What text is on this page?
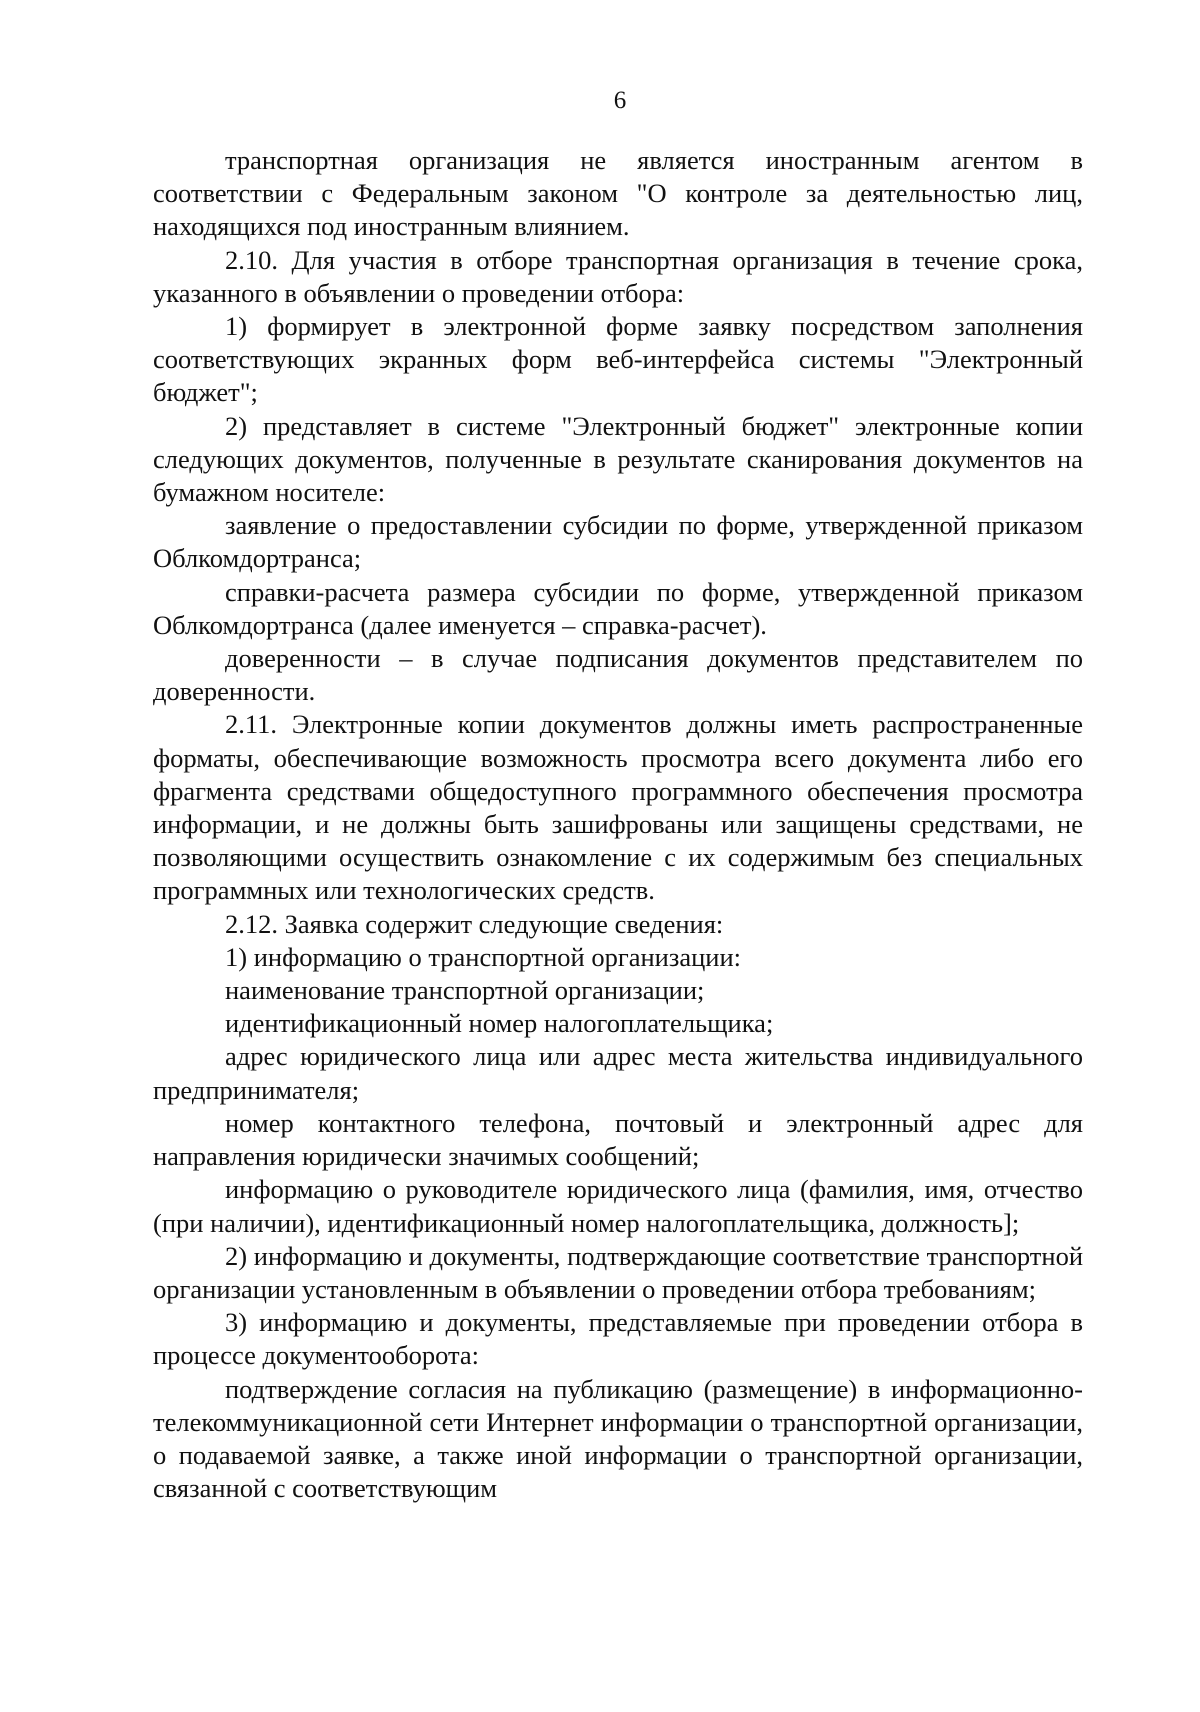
6

транспортная организация не является иностранным агентом в соответствии с Федеральным законом "О контроле за деятельностью лиц, находящихся под иностранным влиянием.

2.10. Для участия в отборе транспортная организация в течение срока, указанного в объявлении о проведении отбора:

1) формирует в электронной форме заявку посредством заполнения соответствующих экранных форм веб-интерфейса системы "Электронный бюджет";

2) представляет в системе "Электронный бюджет" электронные копии следующих документов, полученные в результате сканирования документов на бумажном носителе:

заявление о предоставлении субсидии по форме, утвержденной приказом Облкомдортранса;

справки-расчета размера субсидии по форме, утвержденной приказом Облкомдортранса (далее именуется – справка-расчет).

доверенности – в случае подписания документов представителем по доверенности.

2.11. Электронные копии документов должны иметь распространенные форматы, обеспечивающие возможность просмотра всего документа либо его фрагмента средствами общедоступного программного обеспечения просмотра информации, и не должны быть зашифрованы или защищены средствами, не позволяющими осуществить ознакомление с их содержимым без специальных программных или технологических средств.

2.12. Заявка содержит следующие сведения:

1) информацию о транспортной организации:

наименование транспортной организации;

идентификационный номер налогоплательщика;

адрес юридического лица или адрес места жительства индивидуального предпринимателя;

номер контактного телефона, почтовый и электронный адрес для направления юридически значимых сообщений;

информацию о руководителе юридического лица (фамилия, имя, отчество (при наличии), идентификационный номер налогоплательщика, должность];

2) информацию и документы, подтверждающие соответствие транспортной организации установленным в объявлении о проведении отбора требованиям;

3) информацию и документы, представляемые при проведении отбора в процессе документооборота:

подтверждение согласия на публикацию (размещение) в информационно-телекоммуникационной сети Интернет информации о транспортной организации, о подаваемой заявке, а также иной информации о транспортной организации, связанной с соответствующим
